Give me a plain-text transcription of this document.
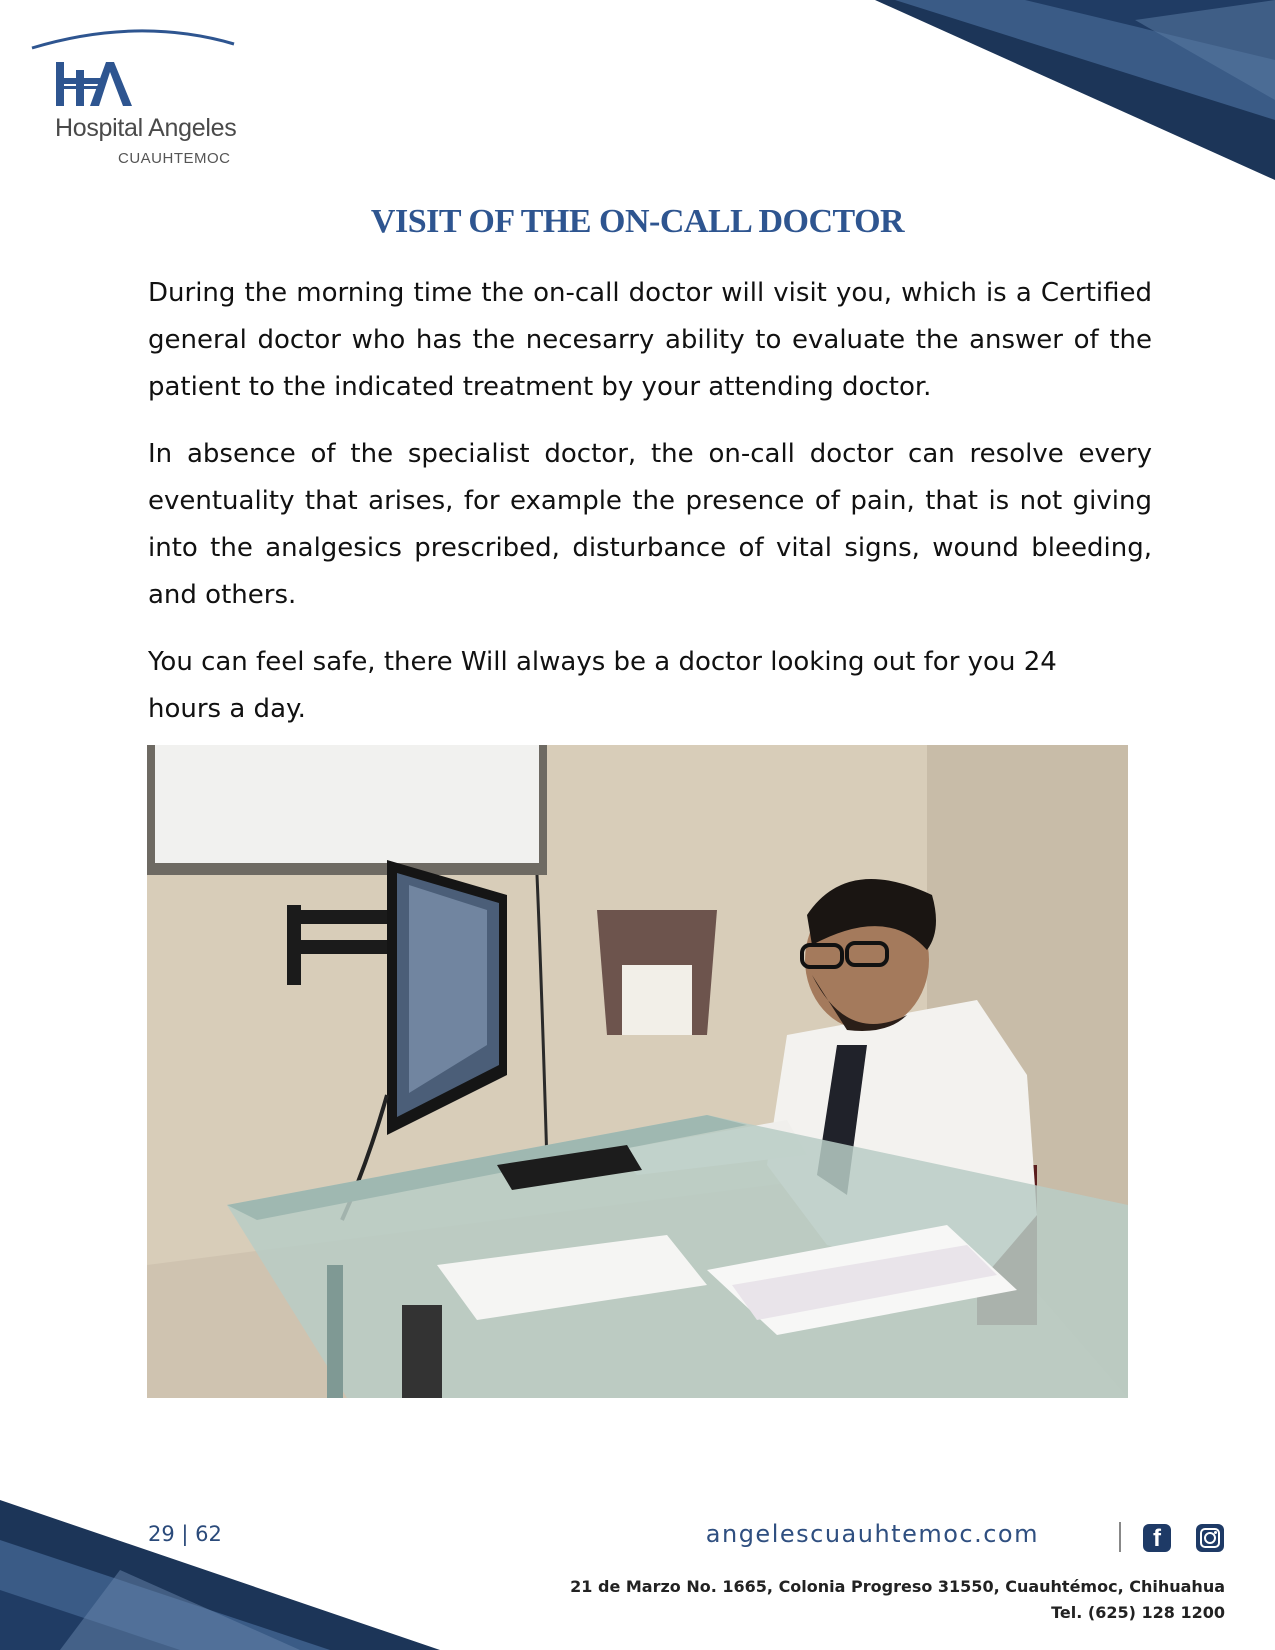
Hospital Angeles
CUAUHTEMOC
VISIT OF THE ON-CALL DOCTOR

During the morning time the on-call doctor will visit you, which is a Certified general doctor who has the necesarry ability to evaluate the answer of the patient to the indicated treatment by your attending doctor.

In absence of the specialist doctor, the on-call doctor can resolve every eventuality that arises, for example the presence of pain, that is not giving into the analgesics prescribed, disturbance of vital signs, wound bleeding, and others.

You can feel safe, there Will always be a doctor looking out for you 24 hours a day.

29 | 62	angelescuauhtemoc.com	f
21 de Marzo No. 1665, Colonia Progreso 31550, Cuauhtémoc, Chihuahua
Tel. (625) 128 1200
